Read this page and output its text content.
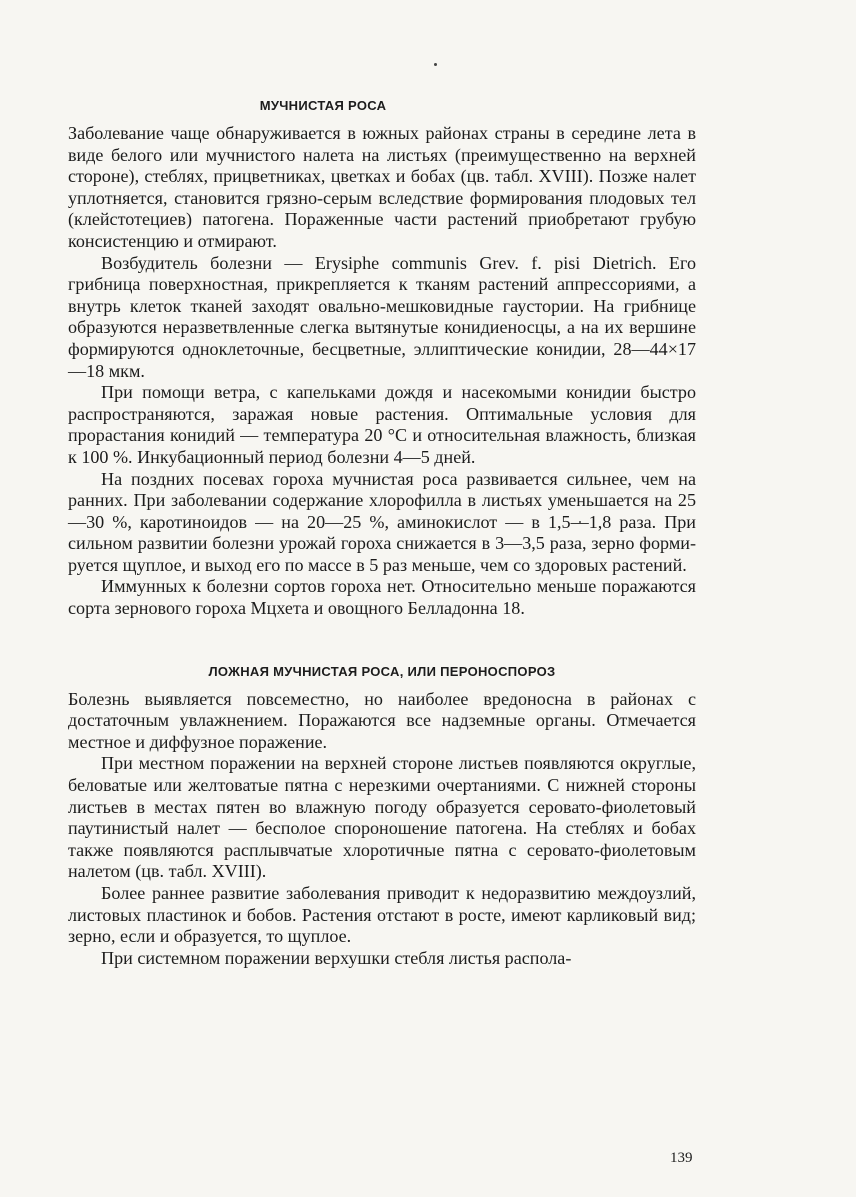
МУЧНИСТАЯ РОСА

Заболевание чаще обнаруживается в южных районах страны в середине лета в виде белого или мучнистого налета на листьях (преимущественно на верхней стороне), стеблях, прицветниках, цветках и бобах (цв. табл. XVIII). Позже налет уплотняется, становится грязно-серым вследствие формирования плодовых тел (клейстотециев) патогена. Пораженные части растений приобретают грубую консистенцию и отмирают.

Возбудитель болезни — Erysiphe communis Grev. f. pisi Dietrich. Его грибница поверхностная, прикрепляется к тканям растений аппрессориями, а внутрь клеток тканей заходят овально-мешковидные гаустории. На грибнице образуются неразветвленные слегка вытянутые конидиеносцы, а на их вершине формируются одноклеточные, бесцветные, эллиптические конидии, 28—44×17—18 мкм.

При помощи ветра, с капельками дождя и насекомыми конидии быстро распространяются, заражая новые растения. Оптимальные условия для прорастания конидий — температура 20 °С и относительная влажность, близкая к 100 %. Инкубационный период болезни 4—5 дней.

На поздних посевах гороха мучнистая роса развивается сильнее, чем на ранних. При заболевании содержание хлорофилла в листьях уменьшается на 25—30 %, каротиноидов — на 20—25 %, аминокислот — в 1,5—1,8 раза. При сильном развитии болезни урожай гороха снижается в 3—3,5 раза, зерно формируется щуплое, и выход его по массе в 5 раз меньше, чем со здоровых растений.

Иммунных к болезни сортов гороха нет. Относительно меньше поражаются сорта зернового гороха Мцхета и овощного Белладонна 18.

ЛОЖНАЯ МУЧНИСТАЯ РОСА, ИЛИ ПЕРОНОСПОРОЗ

Болезнь выявляется повсеместно, но наиболее вредоносна в районах с достаточным увлажнением. Поражаются все надземные органы. Отмечается местное и диффузное поражение.

При местном поражении на верхней стороне листьев появляются округлые, беловатые или желтоватые пятна с нерезкими очертаниями. С нижней стороны листьев в местах пятен во влажную погоду образуется серовато-фиолетовый паутинистый налет — бесполое спороношение патогена. На стеблях и бобах также появляются расплывчатые хлоротичные пятна с серовато-фиолетовым налетом (цв. табл. XVIII).

Более раннее развитие заболевания приводит к недоразвитию междоузлий, листовых пластинок и бобов. Растения отстают в росте, имеют карликовый вид; зерно, если и образуется, то щуплое.

При системном поражении верхушки стебля листья распола-

139
